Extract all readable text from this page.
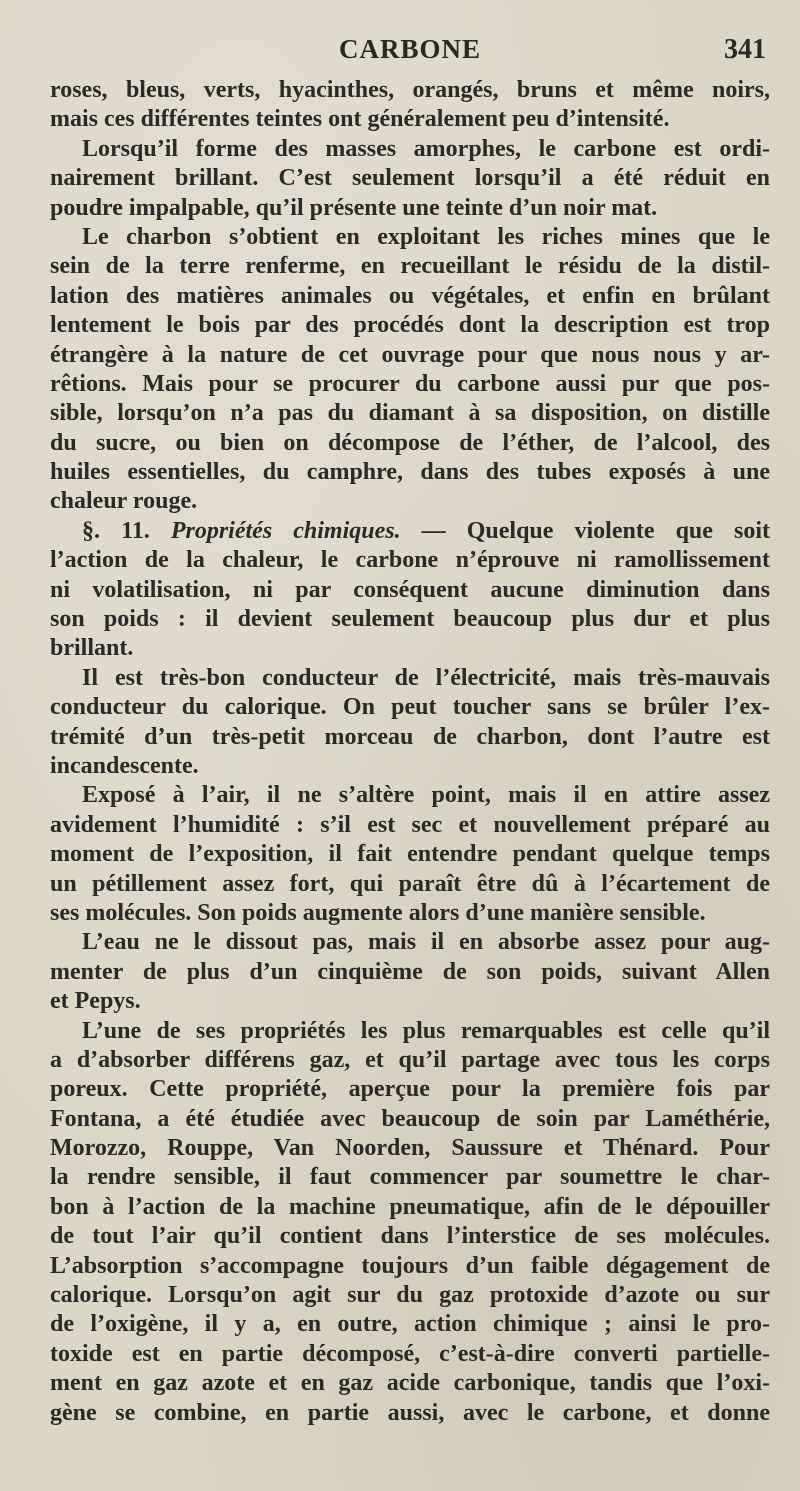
CARBONE	341
roses, bleus, verts, hyacinthes, orangés, bruns et même noirs,
mais ces différentes teintes ont généralement peu d’intensité.
Lorsqu’il forme des masses amorphes, le carbone est ordi-
nairement brillant. C’est seulement lorsqu’il a été réduit en
poudre impalpable, qu’il présente une teinte d’un noir mat.
Le charbon s’obtient en exploitant les riches mines que le
sein de la terre renferme, en recueillant le résidu de la distil-
lation des matières animales ou végétales, et enfin en brûlant
lentement le bois par des procédés dont la description est trop
étrangère à la nature de cet ouvrage pour que nous nous y ar-
rêtions. Mais pour se procurer du carbone aussi pur que pos-
sible, lorsqu’on n’a pas du diamant à sa disposition, on distille
du sucre, ou bien on décompose de l’éther, de l’alcool, des
huiles essentielles, du camphre, dans des tubes exposés à une
chaleur rouge.
§. 11. Propriétés chimiques. — Quelque violente que soit
l’action de la chaleur, le carbone n’éprouve ni ramollissement
ni volatilisation, ni par conséquent aucune diminution dans
son poids : il devient seulement beaucoup plus dur et plus
brillant.
Il est très-bon conducteur de l’électricité, mais très-mauvais
conducteur du calorique. On peut toucher sans se brûler l’ex-
trémité d’un très-petit morceau de charbon, dont l’autre est
incandescente.
Exposé à l’air, il ne s’altère point, mais il en attire assez
avidement l’humidité : s’il est sec et nouvellement préparé au
moment de l’exposition, il fait entendre pendant quelque temps
un pétillement assez fort, qui paraît être dû à l’écartement de
ses molécules. Son poids augmente alors d’une manière sensible.
L’eau ne le dissout pas, mais il en absorbe assez pour aug-
menter de plus d’un cinquième de son poids, suivant Allen
et Pepys.
L’une de ses propriétés les plus remarquables est celle qu’il
a d’absorber différens gaz, et qu’il partage avec tous les corps
poreux. Cette propriété, aperçue pour la première fois par
Fontana, a été étudiée avec beaucoup de soin par Laméthérie,
Morozzo, Rouppe, Van Noorden, Saussure et Thénard. Pour
la rendre sensible, il faut commencer par soumettre le char-
bon à l’action de la machine pneumatique, afin de le dépouiller
de tout l’air qu’il contient dans l’interstice de ses molécules.
L’absorption s’accompagne toujours d’un faible dégagement de
calorique. Lorsqu’on agit sur du gaz protoxide d’azote ou sur
de l’oxigène, il y a, en outre, action chimique ; ainsi le pro-
toxide est en partie décomposé, c’est-à-dire converti partielle-
ment en gaz azote et en gaz acide carbonique, tandis que l’oxi-
gène se combine, en partie aussi, avec le carbone, et donne
